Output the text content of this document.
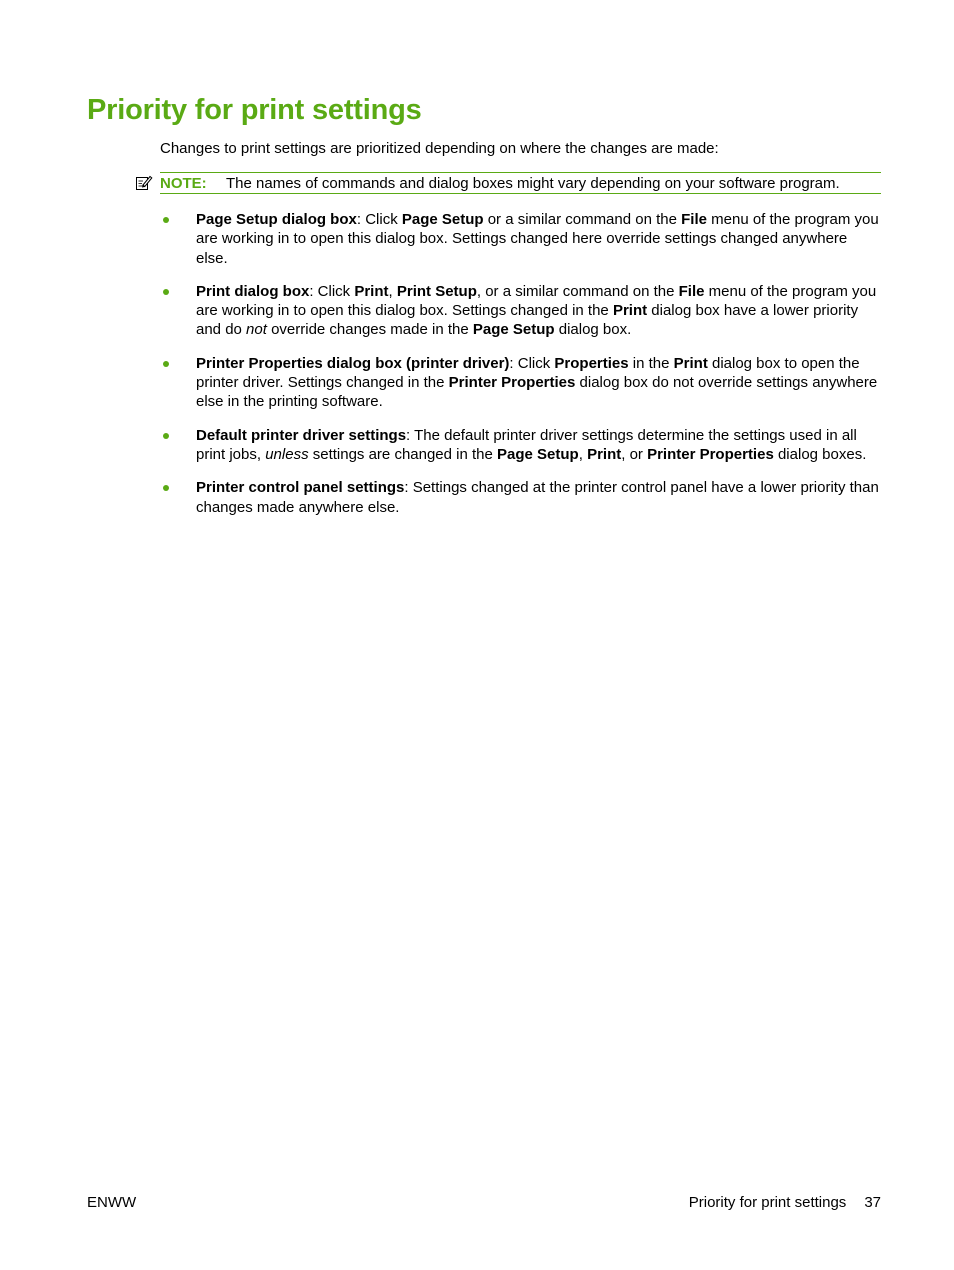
Priority for print settings

Changes to print settings are prioritized depending on where the changes are made:

NOTE: The names of commands and dialog boxes might vary depending on your software program.
Page Setup dialog box: Click Page Setup or a similar command on the File menu of the program you are working in to open this dialog box. Settings changed here override settings changed anywhere else.
Print dialog box: Click Print, Print Setup, or a similar command on the File menu of the program you are working in to open this dialog box. Settings changed in the Print dialog box have a lower priority and do not override changes made in the Page Setup dialog box.
Printer Properties dialog box (printer driver): Click Properties in the Print dialog box to open the printer driver. Settings changed in the Printer Properties dialog box do not override settings anywhere else in the printing software.
Default printer driver settings: The default printer driver settings determine the settings used in all print jobs, unless settings are changed in the Page Setup, Print, or Printer Properties dialog boxes.
Printer control panel settings: Settings changed at the printer control panel have a lower priority than changes made anywhere else.
ENWW	Priority for print settings 37
